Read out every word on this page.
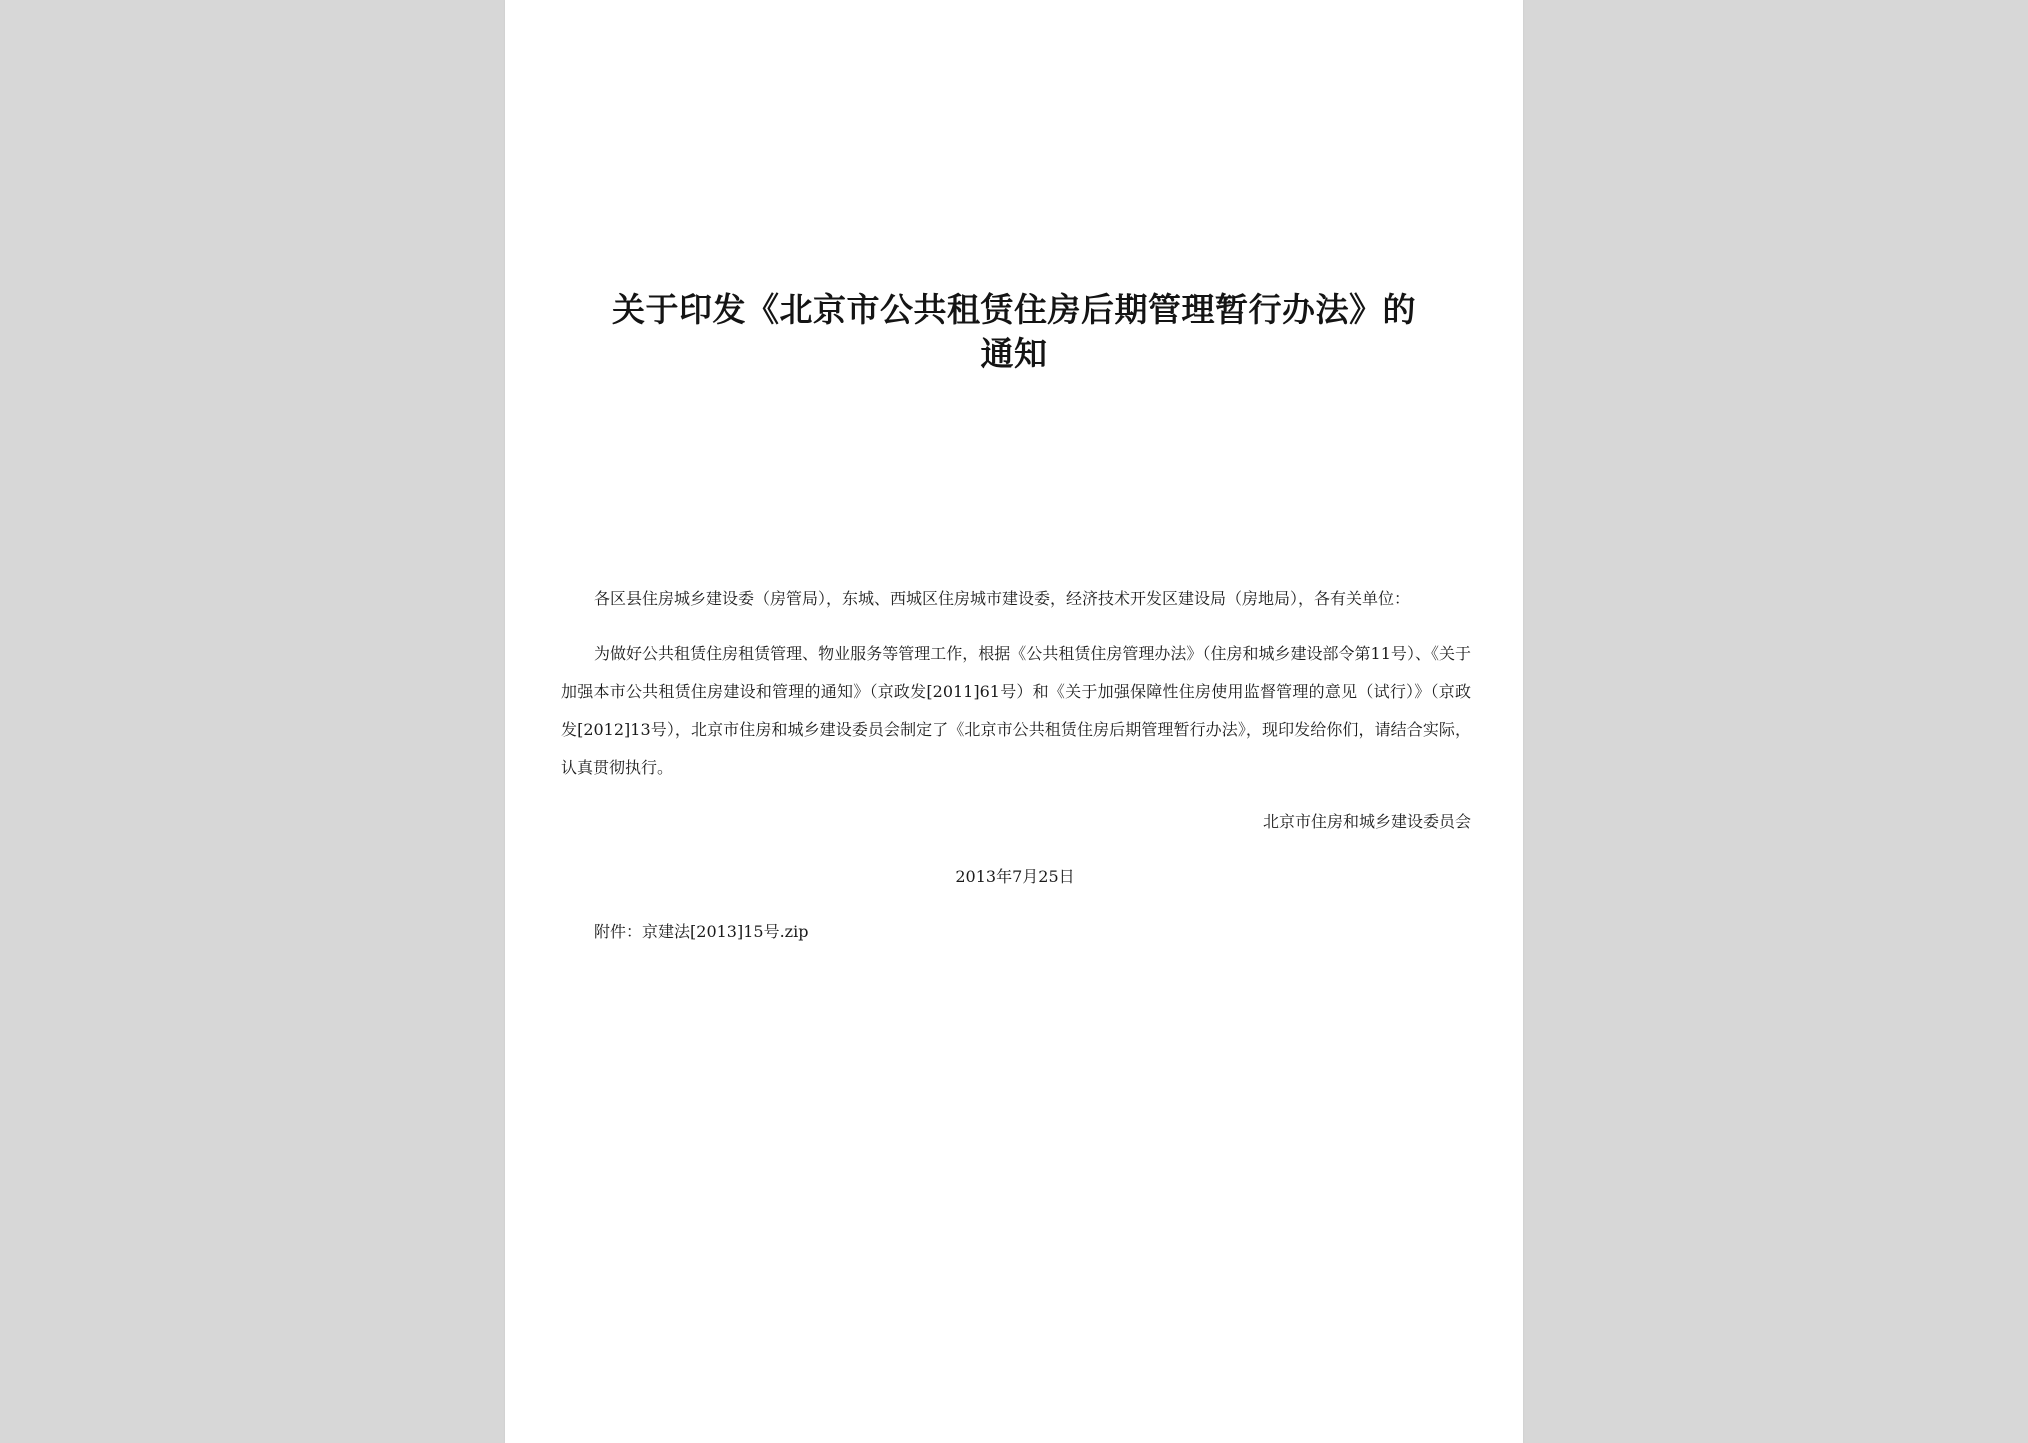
关于印发《北京市公共租赁住房后期管理暂行办法》的
通知

各区县住房城乡建设委（房管局），东城、西城区住房城市建设委，经济技术开发区建设局（房地局），各有关单位：

为做好公共租赁住房租赁管理、物业服务等管理工作，根据《公共租赁住房管理办法》（住房和城乡建设部令第11号）、《关于加强本市公共租赁住房建设和管理的通知》（京政发[2011]61号）和《关于加强保障性住房使用监督管理的意见（试行）》（京政发[2012]13号），北京市住房和城乡建设委员会制定了《北京市公共租赁住房后期管理暂行办法》，现印发给你们，请结合实际，认真贯彻执行。

北京市住房和城乡建设委员会

2013年7月25日

附件：京建法[2013]15号.zip
